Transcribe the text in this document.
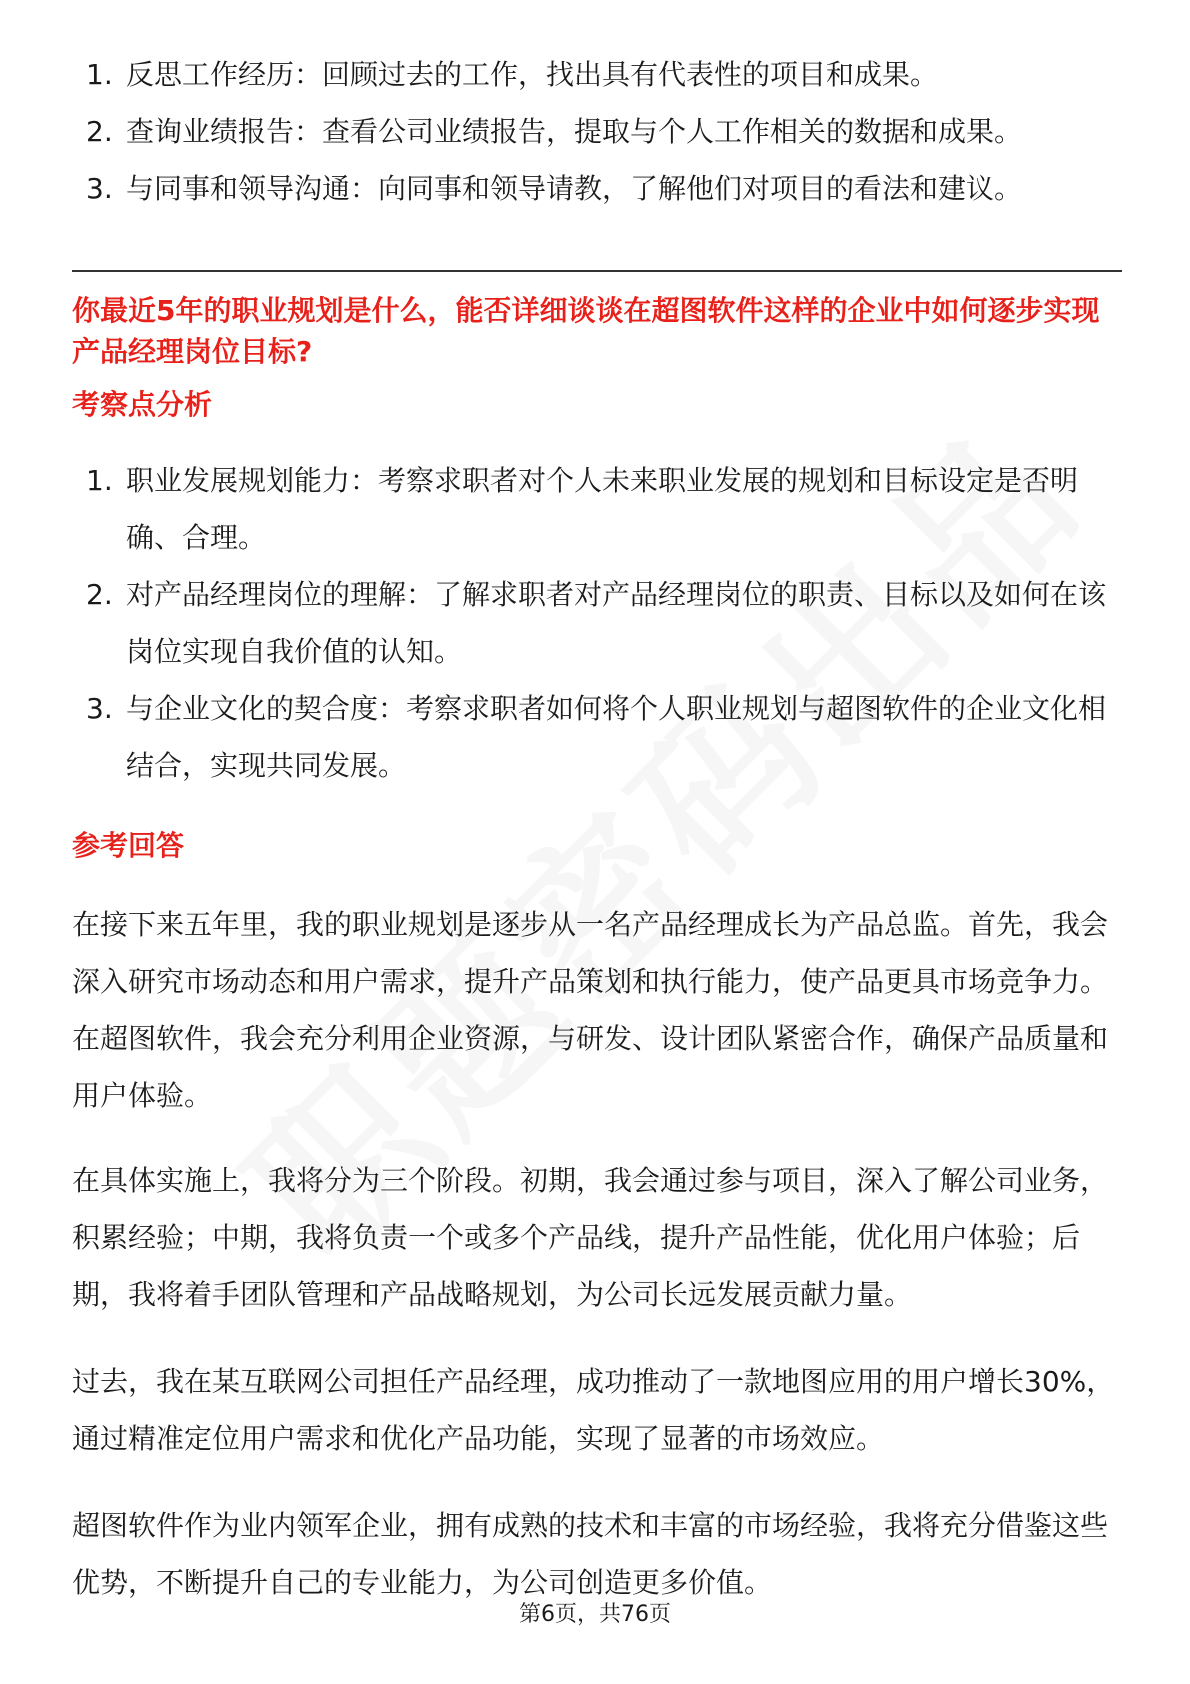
1. 反思工作经历：回顾过去的工作，找出具有代表性的项目和成果。
2. 查询业绩报告：查看公司业绩报告，提取与个人工作相关的数据和成果。
3. 与同事和领导沟通：向同事和领导请教，了解他们对项目的看法和建议。
你最近5年的职业规划是什么，能否详细谈谈在超图软件这样的企业中如何逐步实现产品经理岗位目标?
考察点分析
1. 职业发展规划能力：考察求职者对个人未来职业发展的规划和目标设定是否明确、合理。
2. 对产品经理岗位的理解：了解求职者对产品经理岗位的职责、目标以及如何在该岗位实现自我价值的认知。
3. 与企业文化的契合度：考察求职者如何将个人职业规划与超图软件的企业文化相结合，实现共同发展。
参考回答

在接下来五年里，我的职业规划是逐步从一名产品经理成长为产品总监。首先，我会深入研究市场动态和用户需求，提升产品策划和执行能力，使产品更具市场竞争力。在超图软件，我会充分利用企业资源，与研发、设计团队紧密合作，确保产品质量和用户体验。

在具体实施上，我将分为三个阶段。初期，我会通过参与项目，深入了解公司业务，积累经验；中期，我将负责一个或多个产品线，提升产品性能，优化用户体验；后期，我将着手团队管理和产品战略规划，为公司长远发展贡献力量。

过去，我在某互联网公司担任产品经理，成功推动了一款地图应用的用户增长30%，通过精准定位用户需求和优化产品功能，实现了显著的市场效应。

超图软件作为业内领军企业，拥有成熟的技术和丰富的市场经验，我将充分借鉴这些优势，不断提升自己的专业能力，为公司创造更多价值。

第6页，共76页
